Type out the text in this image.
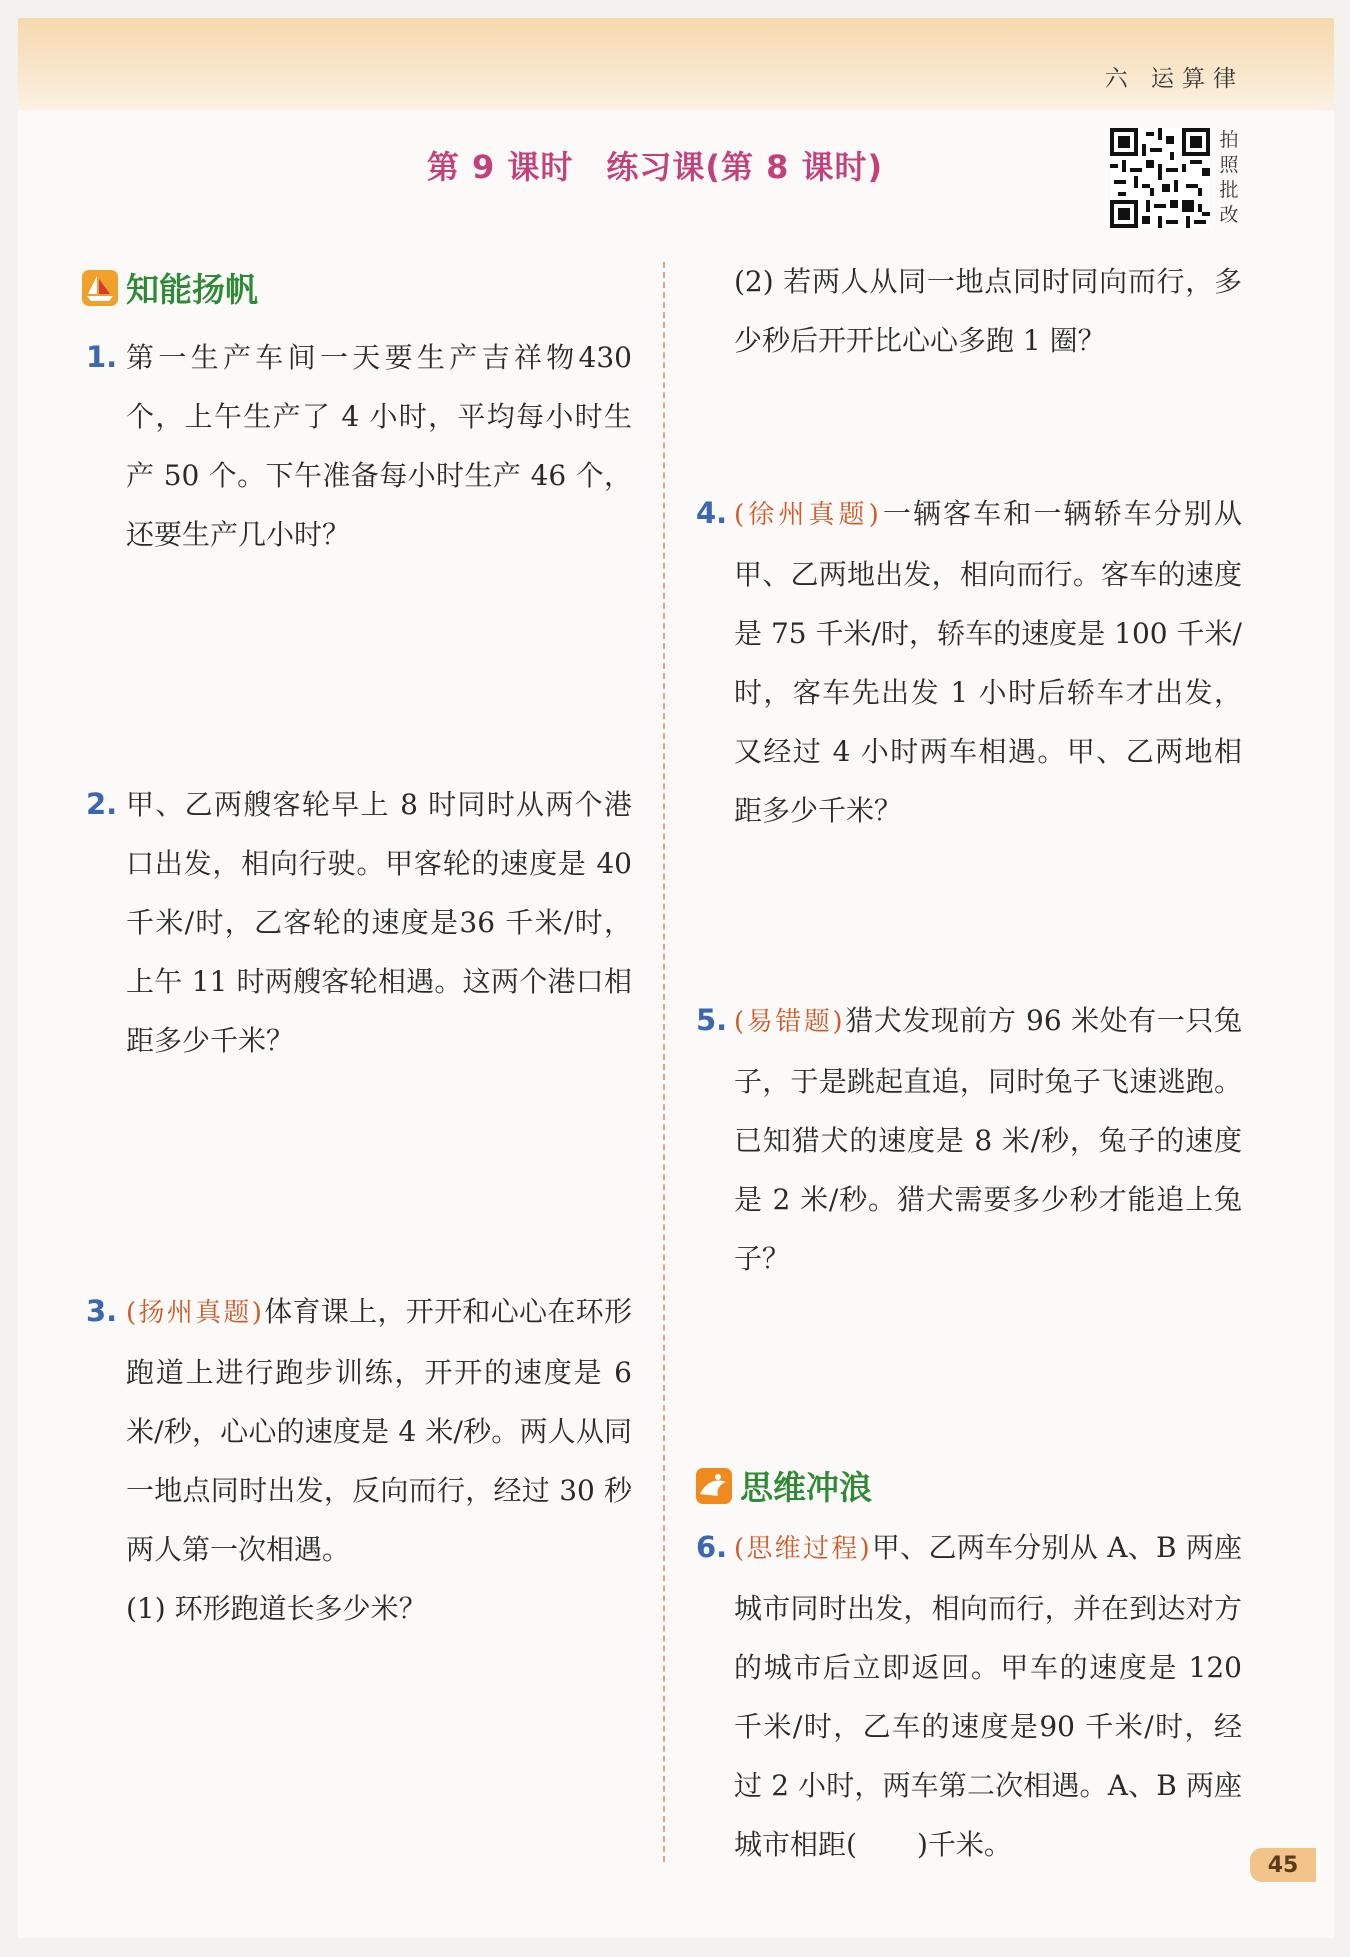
六 运算律
第 9 课时　练习课(第 8 课时)
拍
照
批
改
知能扬帆
1. 第一生产车间一天要生产吉祥物430 个，上午生产了 4 小时，平均每小时生产 50 个。下午准备每小时生产 46 个，还要生产几小时？
2. 甲、乙两艘客轮早上 8 时同时从两个港口出发，相向行驶。甲客轮的速度是 40 千米/时，乙客轮的速度是36 千米/时，上午 11 时两艘客轮相遇。这两个港口相距多少千米？
3. (扬州真题)体育课上，开开和心心在环形跑道上进行跑步训练，开开的速度是 6 米/秒，心心的速度是 4 米/秒。两人从同一地点同时出发，反向而行，经过 30 秒两人第一次相遇。
(1) 环形跑道长多少米？
(2) 若两人从同一地点同时同向而行，多少秒后开开比心心多跑 1 圈？
4. (徐州真题)一辆客车和一辆轿车分别从甲、乙两地出发，相向而行。客车的速度是 75 千米/时，轿车的速度是 100 千米/时，客车先出发 1 小时后轿车才出发，又经过 4 小时两车相遇。甲、乙两地相距多少千米？
5. (易错题)猎犬发现前方 96 米处有一只兔子，于是跳起直追，同时兔子飞速逃跑。已知猎犬的速度是 8 米/秒，兔子的速度是 2 米/秒。猎犬需要多少秒才能追上兔子？
思维冲浪
6. (思维过程)甲、乙两车分别从 A、B 两座城市同时出发，相向而行，并在到达对方的城市后立即返回。甲车的速度是 120 千米/时，乙车的速度是90 千米/时，经过 2 小时，两车第二次相遇。A、B 两座城市相距( )千米。
45
